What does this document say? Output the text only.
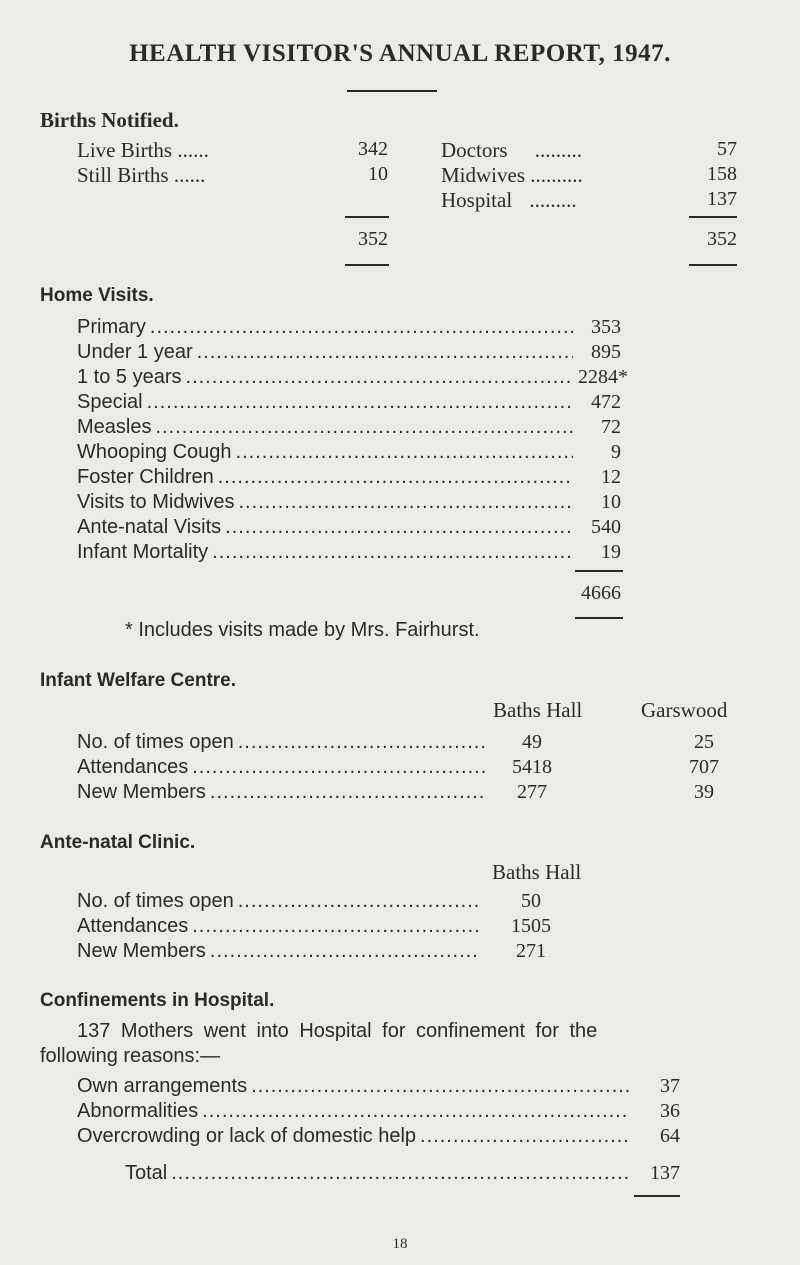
HEALTH VISITOR'S ANNUAL REPORT, 1947.
Births Notified.
Live Births ......	342
Still Births ......	10
Doctors .........	57
Midwives ..........	158
Hospital .........	137
352	352
Home Visits.
Primary .....	353
Under 1 year .....	895
1 to 5 years .....	2284*
Special .....	472
Measles .....	72
Whooping Cough .....	9
Foster Children .....	12
Visits to Midwives .....	10
Ante-natal Visits .....	540
Infant Mortality .....	19
4666
* Includes visits made by Mrs. Fairhurst.
Infant Welfare Centre.
Baths Hall	Garswood
No. of times open .....	49	25
Attendances .....	5418	707
New Members .....	277	39
Ante-natal Clinic.
Baths Hall
No. of times open .....	50
Attendances .....	1505
New Members .....	271
Confinements in Hospital.
137 Mothers went into Hospital for confinement for the
following reasons:—
Own arrangements .....	37
Abnormalities .....	36
Overcrowding or lack of domestic help .....	64
Total .....	137
18
